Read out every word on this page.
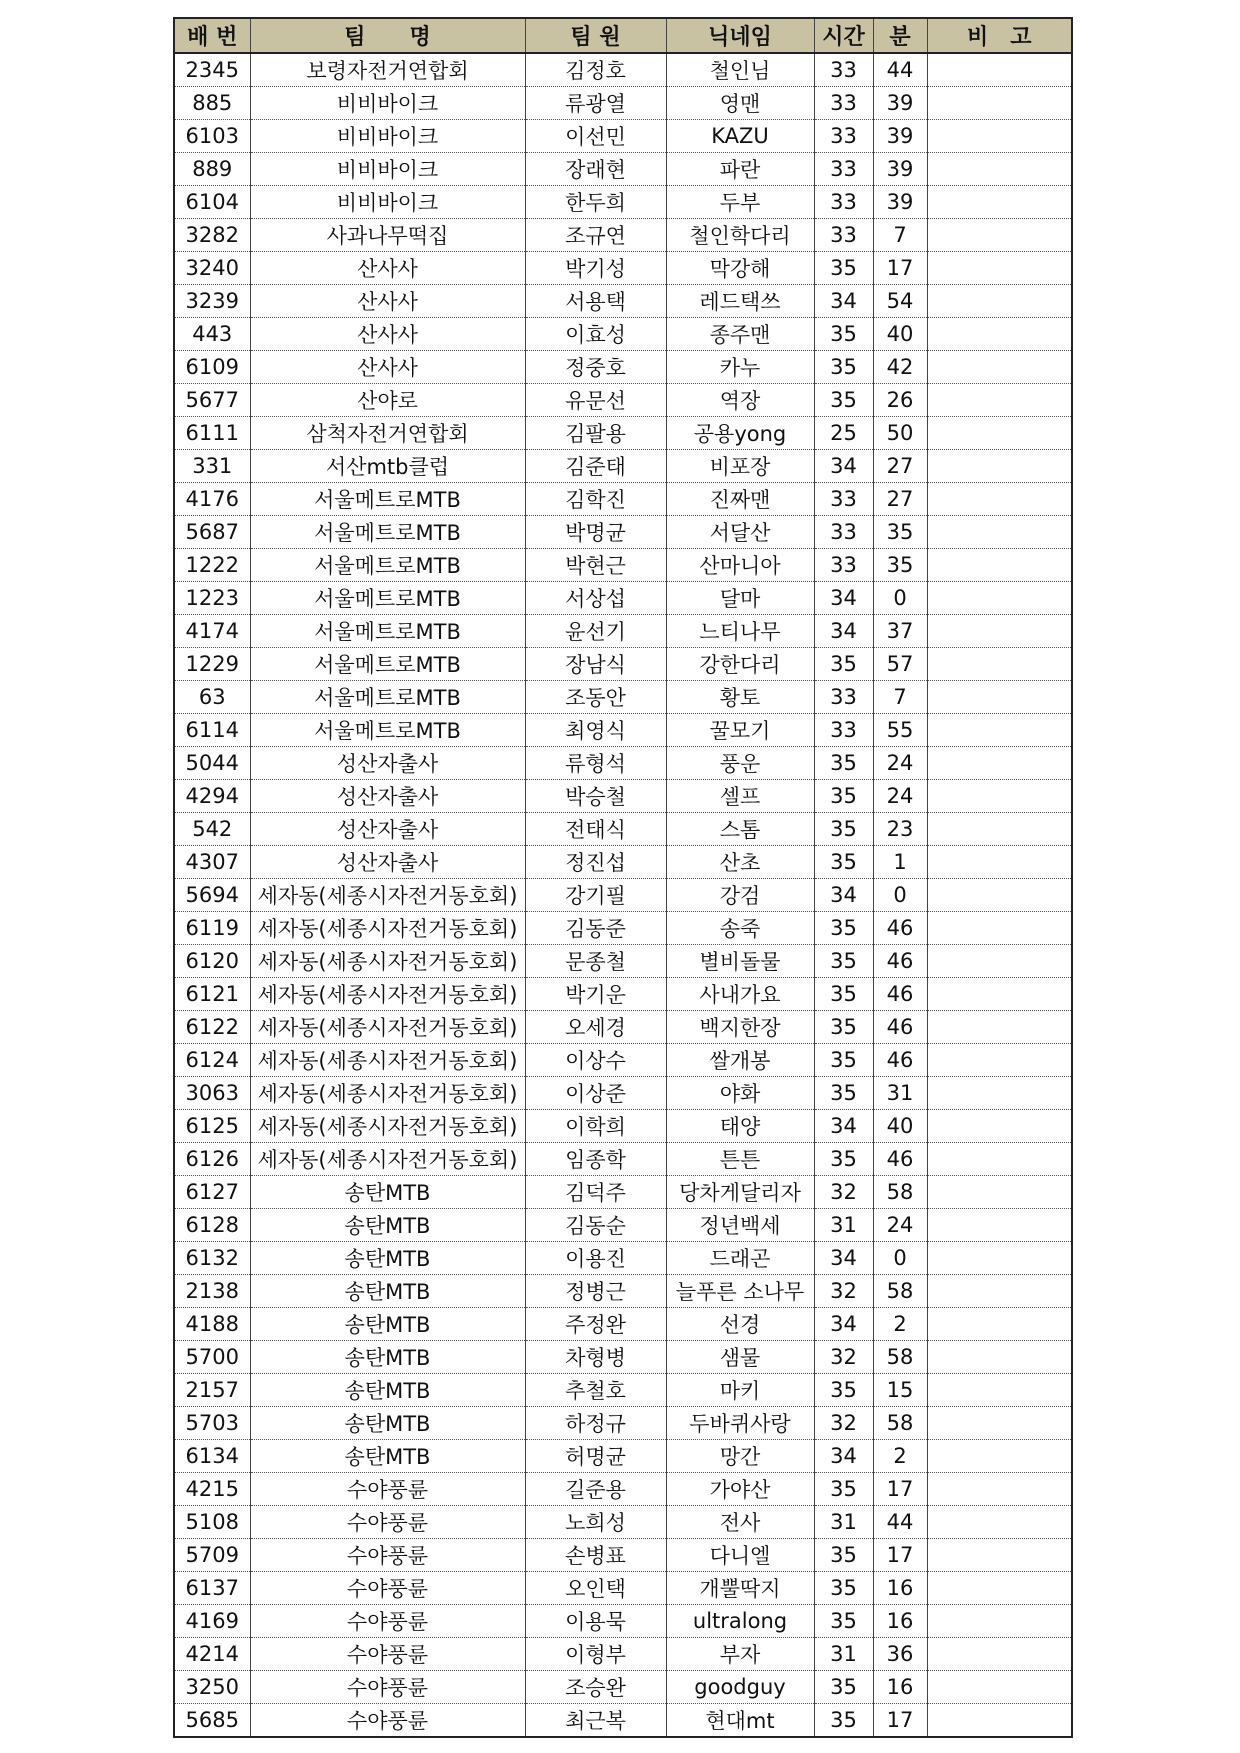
배 번	팀　　명	팀 원	닉네임	시간	분	비　고
2345	보령자전거연합회	김정호	철인님	33	44	
885	비비바이크	류광열	영맨	33	39	
6103	비비바이크	이선민	KAZU	33	39	
889	비비바이크	장래현	파란	33	39	
6104	비비바이크	한두희	두부	33	39	
3282	사과나무떡집	조규연	철인학다리	33	7	
3240	산사사	박기성	막강해	35	17	
3239	산사사	서용택	레드택쓰	34	54	
443	산사사	이효성	종주맨	35	40	
6109	산사사	정중호	카누	35	42	
5677	산야로	유문선	역장	35	26	
6111	삼척자전거연합회	김팔용	공용yong	25	50	
331	서산mtb클럽	김준태	비포장	34	27	
4176	서울메트로MTB	김학진	진짜맨	33	27	
5687	서울메트로MTB	박명균	서달산	33	35	
1222	서울메트로MTB	박현근	산마니아	33	35	
1223	서울메트로MTB	서상섭	달마	34	0	
4174	서울메트로MTB	윤선기	느티나무	34	37	
1229	서울메트로MTB	장남식	강한다리	35	57	
63	서울메트로MTB	조동안	황토	33	7	
6114	서울메트로MTB	최영식	꿀모기	33	55	
5044	성산자출사	류형석	풍운	35	24	
4294	성산자출사	박승철	셀프	35	24	
542	성산자출사	전태식	스톰	35	23	
4307	성산자출사	정진섭	산초	35	1	
5694	세자동(세종시자전거동호회)	강기필	강검	34	0	
6119	세자동(세종시자전거동호회)	김동준	송죽	35	46	
6120	세자동(세종시자전거동호회)	문종철	별비돌물	35	46	
6121	세자동(세종시자전거동호회)	박기운	사내가요	35	46	
6122	세자동(세종시자전거동호회)	오세경	백지한장	35	46	
6124	세자동(세종시자전거동호회)	이상수	쌀개봉	35	46	
3063	세자동(세종시자전거동호회)	이상준	야화	35	31	
6125	세자동(세종시자전거동호회)	이학희	태양	34	40	
6126	세자동(세종시자전거동호회)	임종학	튼튼	35	46	
6127	송탄MTB	김덕주	당차게달리자	32	58	
6128	송탄MTB	김동순	정년백세	31	24	
6132	송탄MTB	이용진	드래곤	34	0	
2138	송탄MTB	정병근	늘푸른 소나무	32	58	
4188	송탄MTB	주정완	선경	34	2	
5700	송탄MTB	차형병	샘물	32	58	
2157	송탄MTB	추철호	마키	35	15	
5703	송탄MTB	하정규	두바퀴사랑	32	58	
6134	송탄MTB	허명균	망간	34	2	
4215	수야풍륜	길준용	가야산	35	17	
5108	수야풍륜	노희성	전사	31	44	
5709	수야풍륜	손병표	다니엘	35	17	
6137	수야풍륜	오인택	개뿔딱지	35	16	
4169	수야풍륜	이용묵	ultralong	35	16	
4214	수야풍륜	이형부	부자	31	36	
3250	수야풍륜	조승완	goodguy	35	16	
5685	수야풍륜	최근복	현대mt	35	17	
